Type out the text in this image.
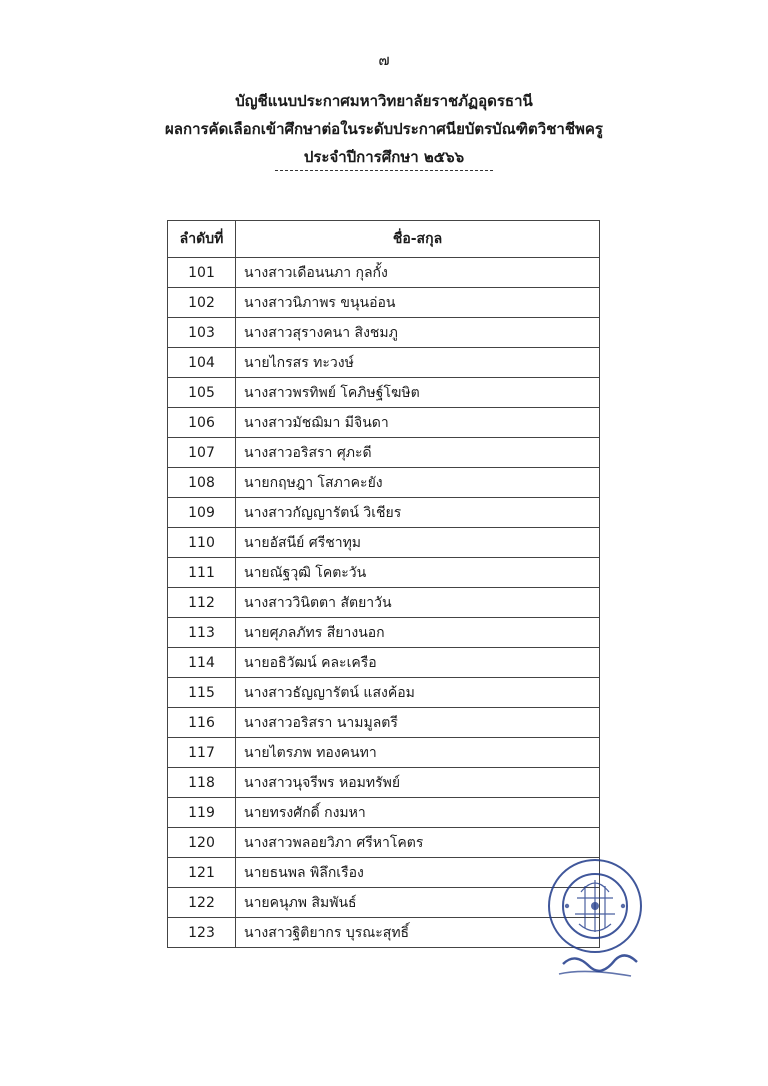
๗
บัญชีแนบประกาศมหาวิทยาลัยราชภัฏอุดรธานี
ผลการคัดเลือกเข้าศึกษาต่อในระดับประกาศนียบัตรบัณฑิตวิชาชีพครู
ประจำปีการศึกษา ๒๕๖๖
ลำดับที่	ชื่อ-สกุล
101	นางสาวเดือนนภา กุลกั้ง
102	นางสาวนิภาพร ขนุนอ่อน
103	นางสาวสุรางคนา สิงชมภู
104	นายไกรสร ทะวงษ์
105	นางสาวพรทิพย์ โคภิษฐ์โฆษิต
106	นางสาวมัชฌิมา มีจินดา
107	นางสาวอริสรา ศุภะดี
108	นายกฤษฎา โสภาคะยัง
109	นางสาวกัญญารัตน์ วิเชียร
110	นายอัสนีย์ ศรีชาทุม
111	นายณัฐวุฒิ โคตะวัน
112	นางสาววินิตตา สัตยาวัน
113	นายศุภลภัทร สียางนอก
114	นายอธิวัฒน์ คละเครือ
115	นางสาวธัญญารัตน์ แสงค้อม
116	นางสาวอริสรา นามมูลตรี
117	นายไตรภพ ทองคนทา
118	นางสาวนุจรีพร หอมทรัพย์
119	นายทรงศักดิ์ กงมหา
120	นางสาวพลอยวิภา ศรีหาโคตร
121	นายธนพล พิลึกเรือง
122	นายคนุภพ สิมพันธ์
123	นางสาวฐิติยากร บุรณะสุทธิ์
